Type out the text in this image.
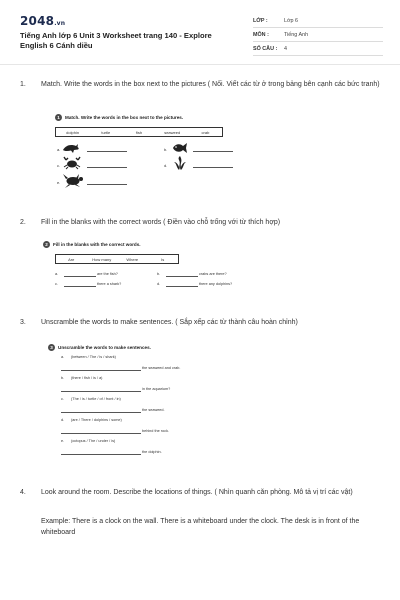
2048.vn
Tiếng Anh lớp 6 Unit 3 Worksheet trang 140 - Explore English 6 Cánh diều
LỚP :	Lớp 6
MÔN :	Tiếng Anh
SỐ CÂU : 4
1. Match. Write the words in the box next to the pictures ( Nối. Viết các từ ở trong bảng bên cạnh các bức tranh)
1	Match. Write the words in the box next to the pictures.
dolphin	turtle	fish	seaweed	crab
a.	b.
c.	d.
e.
2. Fill in the blanks with the correct words ( Điền vào chỗ trống với từ thích hợp)
2	Fill in the blanks with the correct words.
Are	How many	Where	Is
a.	are the fish?	b.	crabs are there?
c.	there a shark?	d.	there any dolphins?
3. Unscramble the words to make sentences. ( Sắp xếp các từ thành câu hoàn chỉnh)
3	Unscramble the words to make sentences.
a. (between / The / is / shark)
the seaweed and crab.
b. (there / fish / is / a)
in the aquarium?
c. (The / is / turtle / of / front / in)
the seaweed.
d. (are / There / dolphins / some)
behind the rock.
e. (octopus / The / under / is)
the dolphin.
4. Look around the room. Describe the locations of things. ( Nhìn quanh căn phòng. Mô tả vị trí các vật)
Example: There is a clock on the wall. There is a whiteboard under the clock. The desk is in front of the whiteboard
